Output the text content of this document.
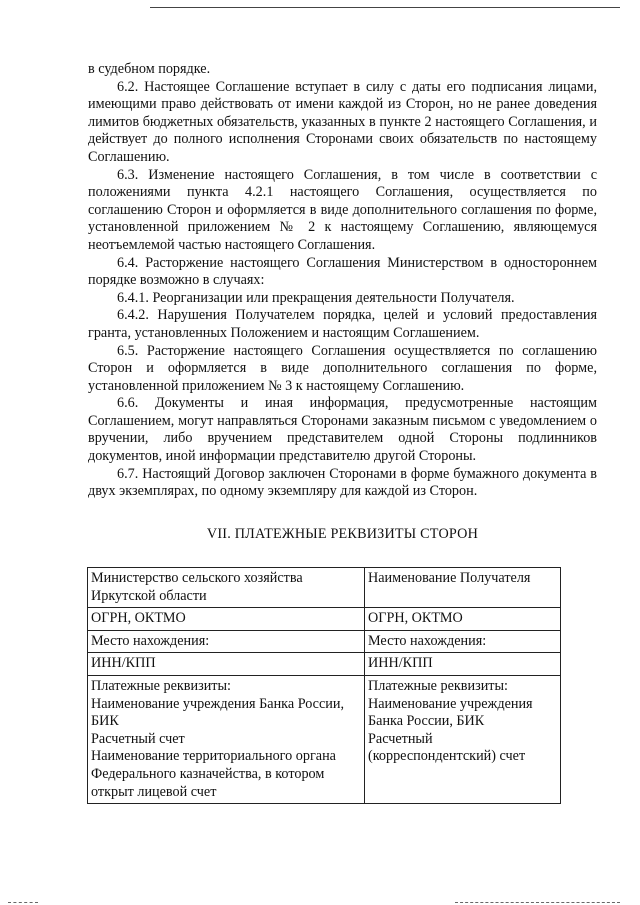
в судебном порядке.

6.2. Настоящее Соглашение вступает в силу с даты его подписания лицами, имеющими право действовать от имени каждой из Сторон, но не ранее доведения лимитов бюджетных обязательств, указанных в пункте 2 настоящего Соглашения, и действует до полного исполнения Сторонами своих обязательств по настоящему Соглашению.

6.3. Изменение настоящего Соглашения, в том числе в соответствии с положениями пункта 4.2.1 настоящего Соглашения, осуществляется по соглашению Сторон и оформляется в виде дополнительного соглашения по форме, установленной приложением № 2 к настоящему Соглашению, являющемуся неотъемлемой частью настоящего Соглашения.

6.4. Расторжение настоящего Соглашения Министерством в одностороннем порядке возможно в случаях:

6.4.1. Реорганизации или прекращения деятельности Получателя.

6.4.2. Нарушения Получателем порядка, целей и условий предоставления гранта, установленных Положением и настоящим Соглашением.

6.5. Расторжение настоящего Соглашения осуществляется по соглашению Сторон и оформляется в виде дополнительного соглашения по форме, установленной приложением № 3 к настоящему Соглашению.

6.6. Документы и иная информация, предусмотренные настоящим Соглашением, могут направляться Сторонами заказным письмом с уведомлением о вручении, либо вручением представителем одной Стороны подлинников документов, иной информации представителю другой Стороны.

6.7. Настоящий Договор заключен Сторонами в форме бумажного документа в двух экземплярах, по одному экземпляру для каждой из Сторон.

VII. ПЛАТЕЖНЫЕ РЕКВИЗИТЫ СТОРОН

Министерство сельского хозяйства Иркутской области	Наименование Получателя
ОГРН, ОКТМО	ОГРН, ОКТМО
Место нахождения:	Место нахождения:
ИНН/КПП	ИНН/КПП

Платежные реквизиты:
Наименование учреждения Банка России, БИК
Расчетный счет
Наименование территориального органа Федерального казначейства, в котором открыт лицевой счет	Платежные реквизиты:
Наименование учреждения Банка России, БИК
Расчетный
(корреспондентский) счет
